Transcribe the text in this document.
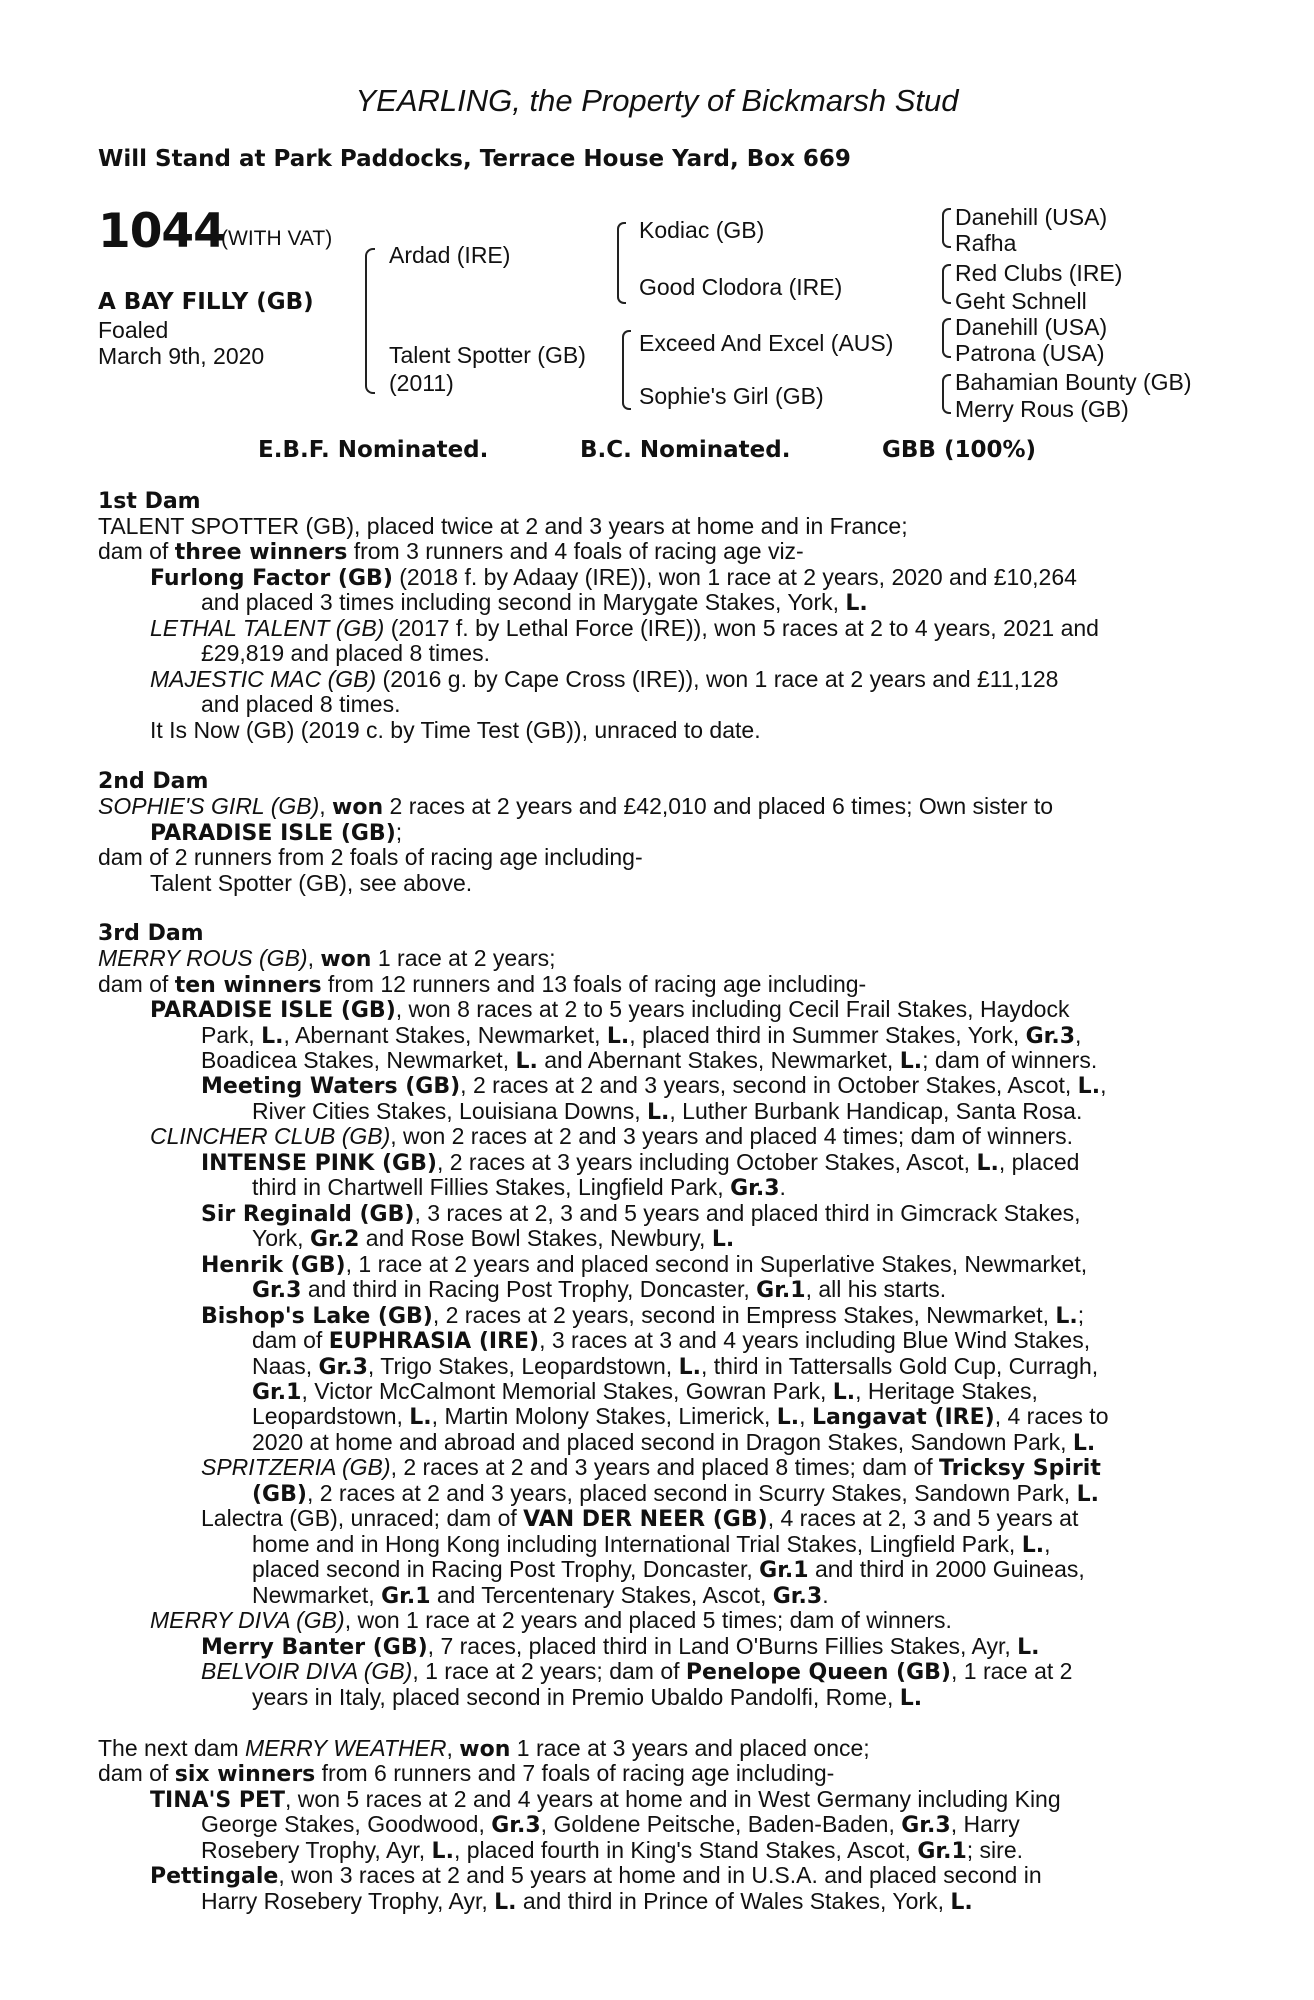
YEARLING, the Property of Bickmarsh Stud
Will Stand at Park Paddocks, Terrace House Yard, Box 669
1044
(WITH VAT)
A BAY FILLY (GB)
Foaled
March 9th, 2020
Ardad (IRE)
Talent Spotter (GB)
(2011)
Kodiac (GB)
Good Clodora (IRE)
Exceed And Excel (AUS)
Sophie's Girl (GB)
Danehill (USA)
Rafha
Red Clubs (IRE)
Geht Schnell
Danehill (USA)
Patrona (USA)
Bahamian Bounty (GB)
Merry Rous (GB)
E.B.F. Nominated.	B.C. Nominated.	GBB (100%)
1st Dam
TALENT SPOTTER (GB), placed twice at 2 and 3 years at home and in France;
dam of three winners from 3 runners and 4 foals of racing age viz-
Furlong Factor (GB) (2018 f. by Adaay (IRE)), won 1 race at 2 years, 2020 and £10,264
and placed 3 times including second in Marygate Stakes, York, L.
LETHAL TALENT (GB) (2017 f. by Lethal Force (IRE)), won 5 races at 2 to 4 years, 2021 and
£29,819 and placed 8 times.
MAJESTIC MAC (GB) (2016 g. by Cape Cross (IRE)), won 1 race at 2 years and £11,128
and placed 8 times.
It Is Now (GB) (2019 c. by Time Test (GB)), unraced to date.
2nd Dam
SOPHIE'S GIRL (GB), won 2 races at 2 years and £42,010 and placed 6 times; Own sister to
PARADISE ISLE (GB);
dam of 2 runners from 2 foals of racing age including-
Talent Spotter (GB), see above.
3rd Dam
MERRY ROUS (GB), won 1 race at 2 years;
dam of ten winners from 12 runners and 13 foals of racing age including-
PARADISE ISLE (GB), won 8 races at 2 to 5 years including Cecil Frail Stakes, Haydock
Park, L., Abernant Stakes, Newmarket, L., placed third in Summer Stakes, York, Gr.3,
Boadicea Stakes, Newmarket, L. and Abernant Stakes, Newmarket, L.; dam of winners.
Meeting Waters (GB), 2 races at 2 and 3 years, second in October Stakes, Ascot, L.,
River Cities Stakes, Louisiana Downs, L., Luther Burbank Handicap, Santa Rosa.
CLINCHER CLUB (GB), won 2 races at 2 and 3 years and placed 4 times; dam of winners.
INTENSE PINK (GB), 2 races at 3 years including October Stakes, Ascot, L., placed
third in Chartwell Fillies Stakes, Lingfield Park, Gr.3.
Sir Reginald (GB), 3 races at 2, 3 and 5 years and placed third in Gimcrack Stakes,
York, Gr.2 and Rose Bowl Stakes, Newbury, L.
Henrik (GB), 1 race at 2 years and placed second in Superlative Stakes, Newmarket,
Gr.3 and third in Racing Post Trophy, Doncaster, Gr.1, all his starts.
Bishop's Lake (GB), 2 races at 2 years, second in Empress Stakes, Newmarket, L.;
dam of EUPHRASIA (IRE), 3 races at 3 and 4 years including Blue Wind Stakes,
Naas, Gr.3, Trigo Stakes, Leopardstown, L., third in Tattersalls Gold Cup, Curragh,
Gr.1, Victor McCalmont Memorial Stakes, Gowran Park, L., Heritage Stakes,
Leopardstown, L., Martin Molony Stakes, Limerick, L., Langavat (IRE), 4 races to
2020 at home and abroad and placed second in Dragon Stakes, Sandown Park, L.
SPRITZERIA (GB), 2 races at 2 and 3 years and placed 8 times; dam of Tricksy Spirit
(GB), 2 races at 2 and 3 years, placed second in Scurry Stakes, Sandown Park, L.
Lalectra (GB), unraced; dam of VAN DER NEER (GB), 4 races at 2, 3 and 5 years at
home and in Hong Kong including International Trial Stakes, Lingfield Park, L.,
placed second in Racing Post Trophy, Doncaster, Gr.1 and third in 2000 Guineas,
Newmarket, Gr.1 and Tercentenary Stakes, Ascot, Gr.3.
MERRY DIVA (GB), won 1 race at 2 years and placed 5 times; dam of winners.
Merry Banter (GB), 7 races, placed third in Land O'Burns Fillies Stakes, Ayr, L.
BELVOIR DIVA (GB), 1 race at 2 years; dam of Penelope Queen (GB), 1 race at 2
years in Italy, placed second in Premio Ubaldo Pandolfi, Rome, L.
The next dam MERRY WEATHER, won 1 race at 3 years and placed once;
dam of six winners from 6 runners and 7 foals of racing age including-
TINA'S PET, won 5 races at 2 and 4 years at home and in West Germany including King
George Stakes, Goodwood, Gr.3, Goldene Peitsche, Baden-Baden, Gr.3, Harry
Rosebery Trophy, Ayr, L., placed fourth in King's Stand Stakes, Ascot, Gr.1; sire.
Pettingale, won 3 races at 2 and 5 years at home and in U.S.A. and placed second in
Harry Rosebery Trophy, Ayr, L. and third in Prince of Wales Stakes, York, L.
